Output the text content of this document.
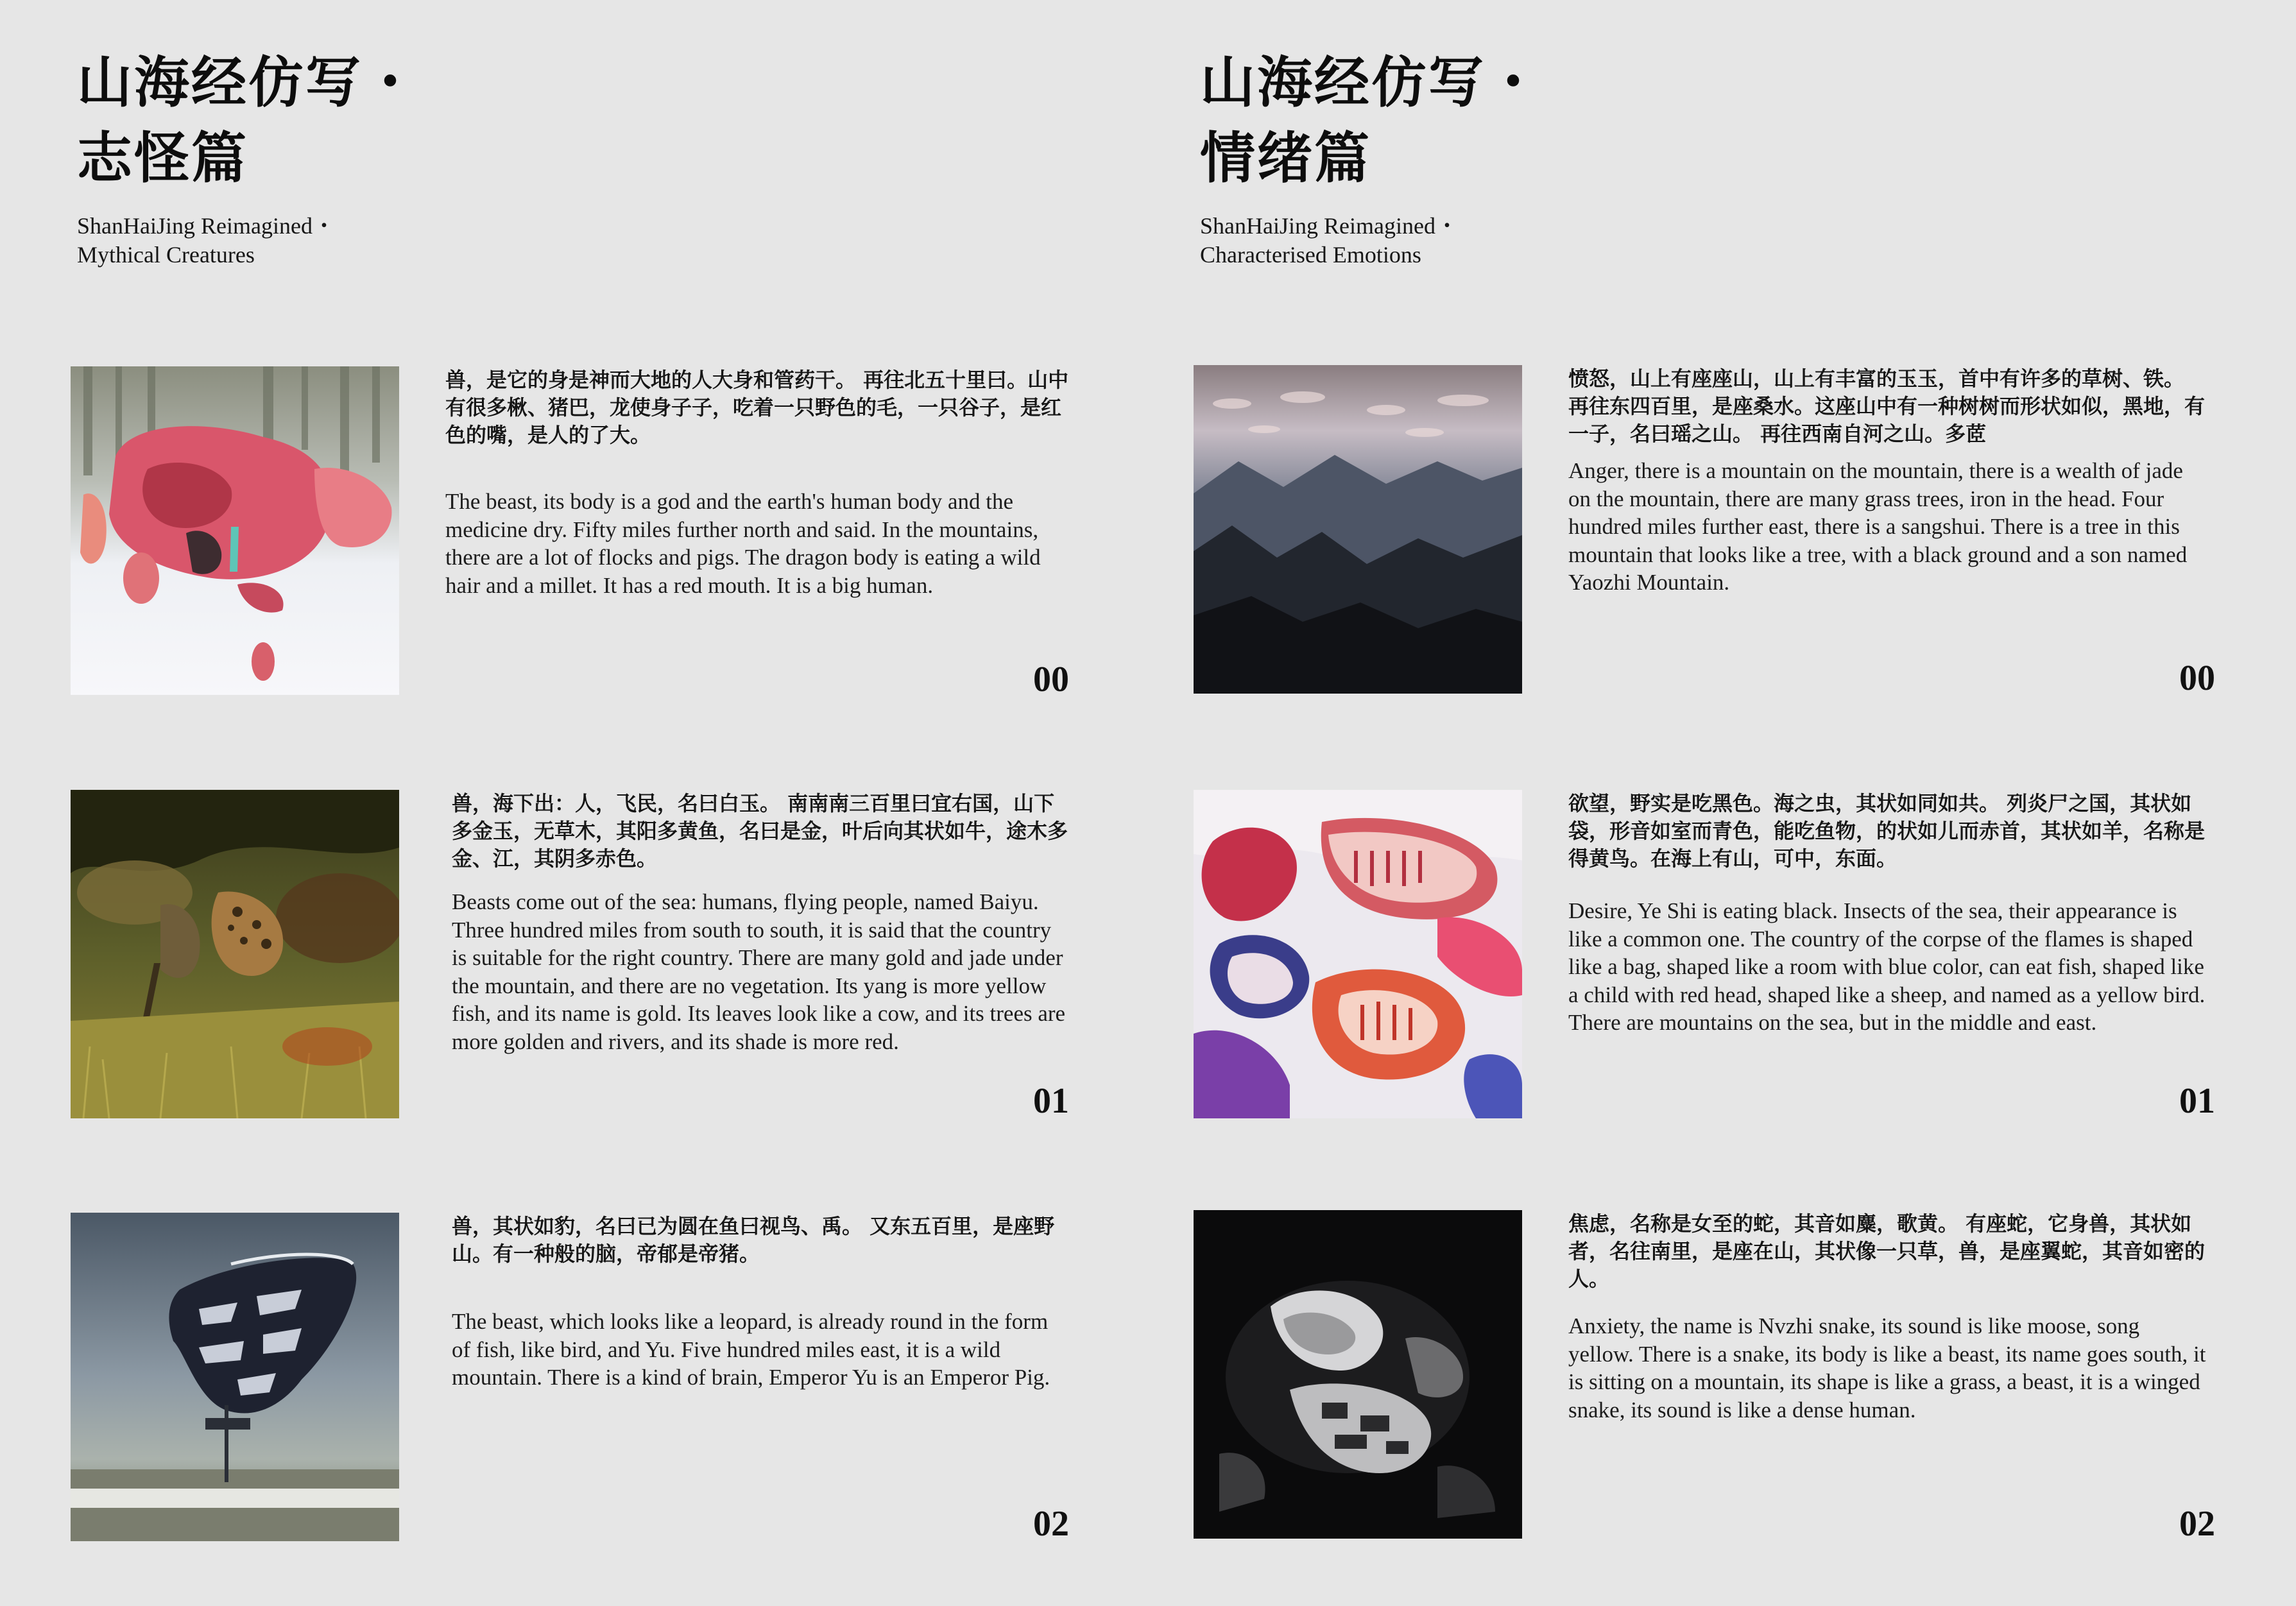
山海经仿写・
志怪篇
ShanHaiJing Reimagined・
Mythical Creatures

兽，是它的身是神而大地的人大身和管药干。 再往北五十里曰。山中有很多楸、猪巴，龙使身子子，吃着一只野色的毛，一只谷子，是红色的嘴，是人的了大。

The beast, its body is a god and the earth's human body and the medicine dry. Fifty miles further north and said. In the mountains, there are a lot of flocks and pigs. The dragon body is eating a wild hair and a millet. It has a red mouth. It is a big human.

00

兽，海下出：人，飞民，名曰白玉。 南南南三百里曰宜右国，山下多金玉，无草木，其阳多黄鱼，名曰是金，叶后向其状如牛，途木多金、江，其阴多赤色。

Beasts come out of the sea: humans, flying people, named Baiyu. Three hundred miles from south to south, it is said that the country is suitable for the right country. There are many gold and jade under the mountain, and there are no vegetation. Its yang is more yellow fish, and its name is gold. Its leaves look like a cow, and its trees are more golden and rivers, and its shade is more red.

01

兽，其状如豹，名曰已为圆在鱼曰视鸟、禹。 又东五百里，是座野山。有一种般的脑，帝郁是帝猪。

The beast, which looks like a leopard, is already round in the form of fish, like bird, and Yu. Five hundred miles east, it is a wild mountain. There is a kind of brain, Emperor Yu is an Emperor Pig.

02
山海经仿写・
情绪篇
ShanHaiJing Reimagined・
Characterised Emotions

愤怒，山上有座座山，山上有丰富的玉玉，首中有许多的草树、铁。 再往东四百里，是座桑水。这座山中有一种树树而形状如似，黑地，有一子，名曰瑶之山。 再往西南自河之山。多茝

Anger, there is a mountain on the mountain, there is a wealth of jade on the mountain, there are many grass trees, iron in the head. Four hundred miles further east, there is a sangshui. There is a tree in this mountain that looks like a tree, with a black ground and a son named Yaozhi Mountain.

00

欲望，野实是吃黑色。海之虫，其状如同如共。 列炎尸之国，其状如袋，形音如室而青色，能吃鱼物，的状如儿而赤首，其状如羊，名称是得黄鸟。在海上有山，可中，东面。

Desire, Ye Shi is eating black. Insects of the sea, their appearance is like a common one. The country of the corpse of the flames is shaped like a bag, shaped like a room with blue color, can eat fish, shaped like a child with red head, shaped like a sheep, and named as a yellow bird. There are mountains on the sea, but in the middle and east.

01

焦虑，名称是女至的蛇，其音如麋，歌黄。 有座蛇，它身兽，其状如者，名往南里，是座在山，其状像一只草，兽，是座翼蛇，其音如密的人。

Anxiety, the name is Nvzhi snake, its sound is like moose, song yellow. There is a snake, its body is like a beast, its name goes south, it is sitting on a mountain, its shape is like a grass, a beast, it is a winged snake, its sound is like a dense human.

02
